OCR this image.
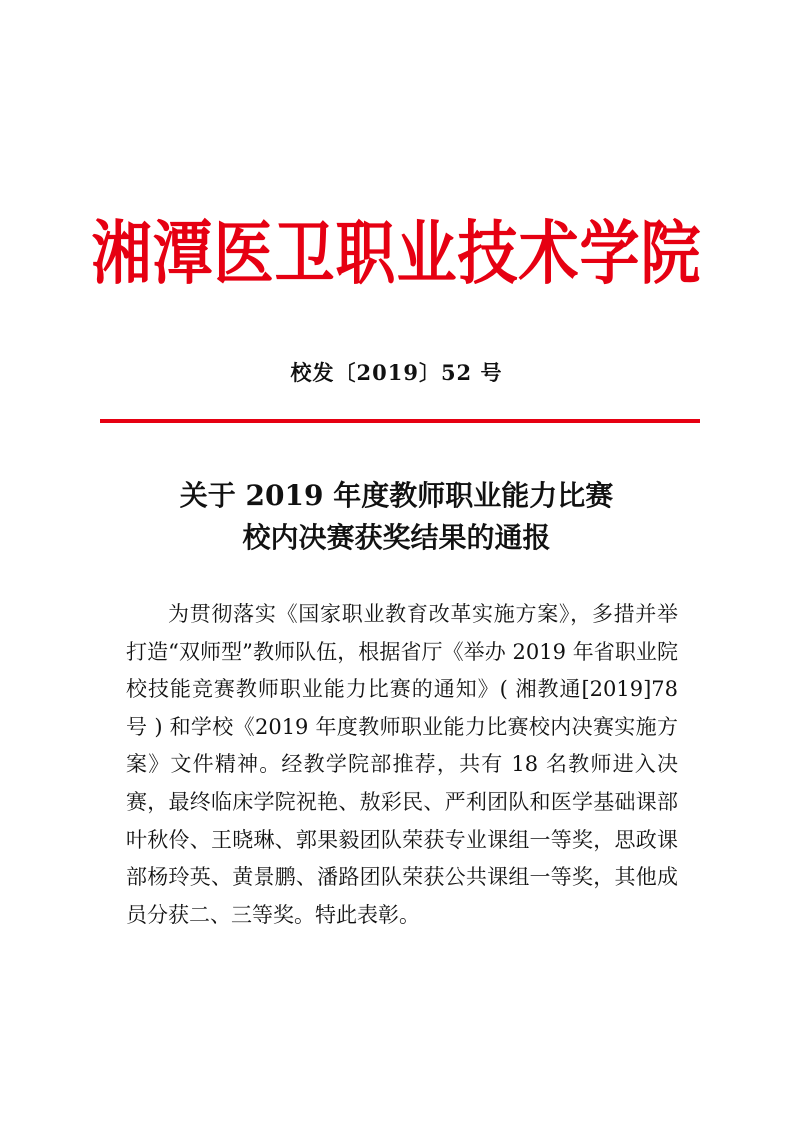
湘潭医卫职业技术学院
校发〔2019〕52 号
关于 2019 年度教师职业能力比赛
校内决赛获奖结果的通报

为贯彻落实《国家职业教育改革实施方案》，多措并举打造“双师型”教师队伍，根据省厅《举办 2019 年省职业院校技能竞赛教师职业能力比赛的通知》( 湘教通[2019]78 号 ) 和学校《2019 年度教师职业能力比赛校内决赛实施方案》文件精神。经教学院部推荐，共有 18 名教师进入决赛，最终临床学院祝艳、敖彩民、严利团队和医学基础课部叶秋伶、王晓琳、郭果毅团队荣获专业课组一等奖，思政课部杨玲英、黄景鹏、潘路团队荣获公共课组一等奖，其他成员分获二、三等奖。特此表彰。
